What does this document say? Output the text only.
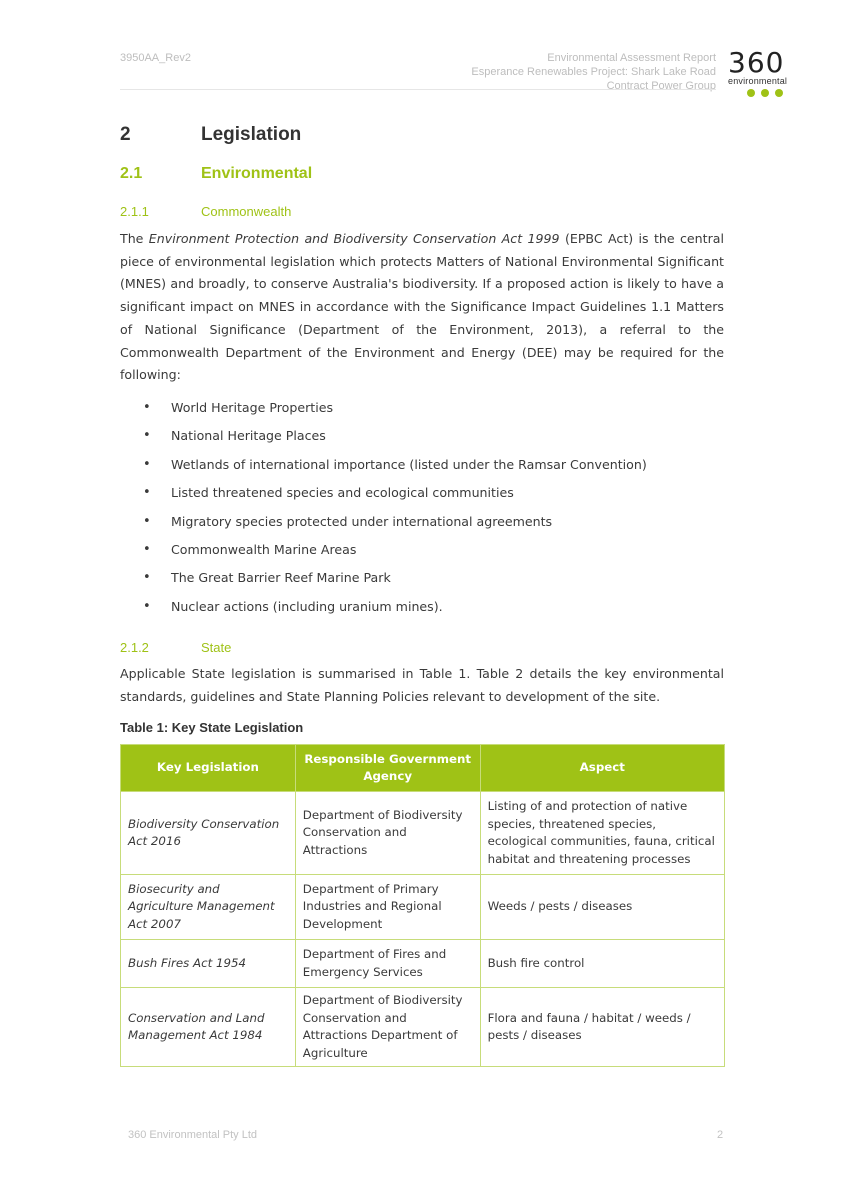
3950AA_Rev2	Environmental Assessment Report
Esperance Renewables Project: Shark Lake Road
Contract Power Group
360
environmental
2	Legislation
2.1	Environmental
2.1.1	Commonwealth
The Environment Protection and Biodiversity Conservation Act 1999 (EPBC Act) is the central piece of environmental legislation which protects Matters of National Environmental Significant (MNES) and broadly, to conserve Australia's biodiversity. If a proposed action is likely to have a significant impact on MNES in accordance with the Significance Impact Guidelines 1.1 Matters of National Significance (Department of the Environment, 2013), a referral to the Commonwealth Department of the Environment and Energy (DEE) may be required for the following:
• World Heritage Properties
• National Heritage Places
• Wetlands of international importance (listed under the Ramsar Convention)
• Listed threatened species and ecological communities
• Migratory species protected under international agreements
• Commonwealth Marine Areas
• The Great Barrier Reef Marine Park
• Nuclear actions (including uranium mines).
2.1.2	State
Applicable State legislation is summarised in Table 1. Table 2 details the key environmental standards, guidelines and State Planning Policies relevant to development of the site.
Table 1: Key State Legislation
Key Legislation	Responsible Government Agency	Aspect
Biodiversity Conservation Act 2016	Department of Biodiversity Conservation and Attractions	Listing of and protection of native species, threatened species, ecological communities, fauna, critical habitat and threatening processes
Biosecurity and Agriculture Management Act 2007	Department of Primary Industries and Regional Development	Weeds / pests / diseases
Bush Fires Act 1954	Department of Fires and Emergency Services	Bush fire control
Conservation and Land Management Act 1984	Department of Biodiversity Conservation and Attractions Department of Agriculture	Flora and fauna / habitat / weeds / pests / diseases
360 Environmental Pty Ltd	2
